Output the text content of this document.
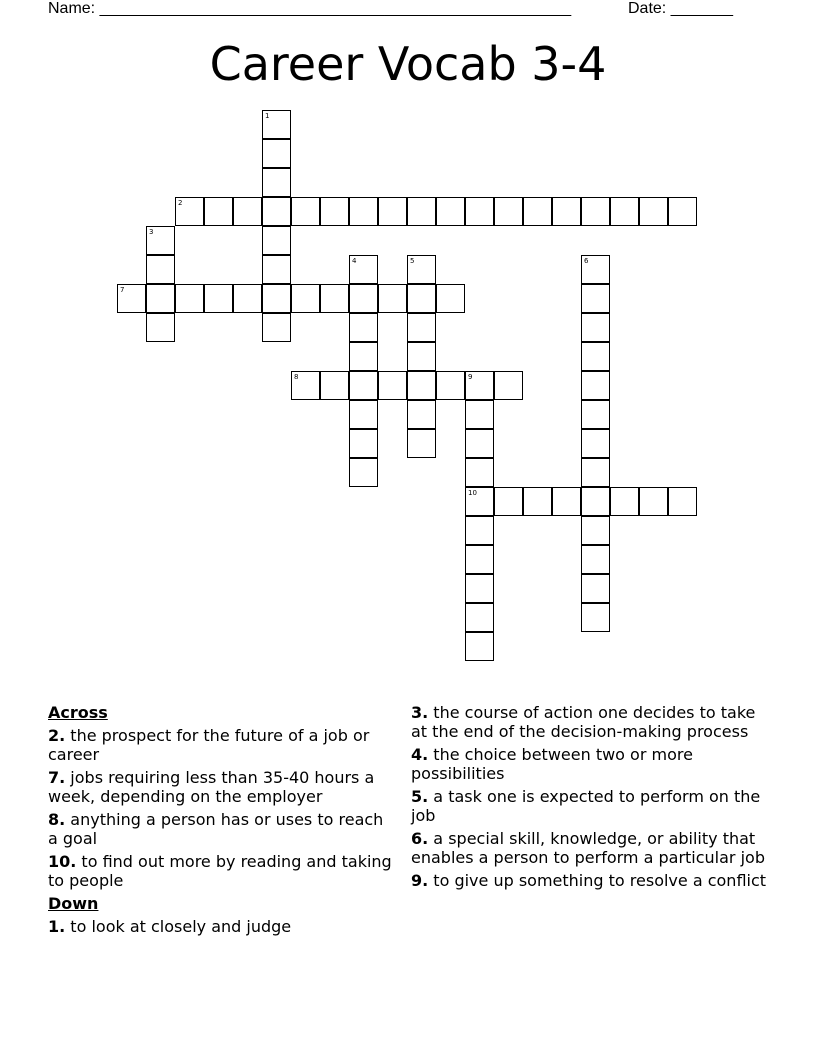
Name: _____________________________________________________	Date: _______
Career Vocab 3-4
1
2
3
4	5	6
7
8	9
10
Across
2. the prospect for the future of a job or career
7. jobs requiring less than 35-40 hours a week, depending on the employer
8. anything a person has or uses to reach a goal
10. to find out more by reading and taking to people
Down
1. to look at closely and judge
3. the course of action one decides to take at the end of the decision-making process
4. the choice between two or more possibilities
5. a task one is expected to perform on the job
6. a special skill, knowledge, or ability that enables a person to perform a particular job
9. to give up something to resolve a conflict
